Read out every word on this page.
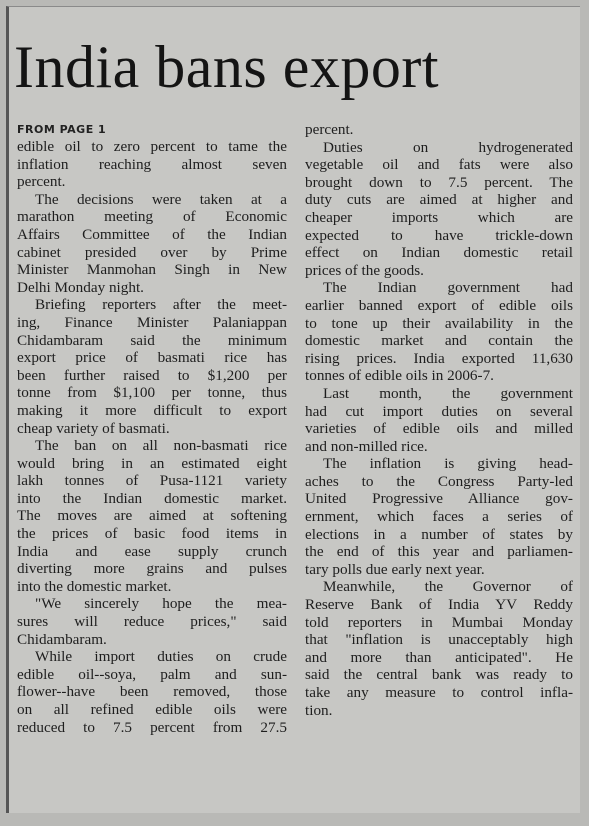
India bans export
FROM PAGE 1
edible oil to zero percent to tame the
inflation reaching almost seven
percent.
The decisions were taken at a
marathon meeting of Economic
Affairs Committee of the Indian
cabinet presided over by Prime
Minister Manmohan Singh in New
Delhi Monday night.
Briefing reporters after the meet-
ing, Finance Minister Palaniappan
Chidambaram said the minimum
export price of basmati rice has
been further raised to $1,200 per
tonne from $1,100 per tonne, thus
making it more difficult to export
cheap variety of basmati.
The ban on all non-basmati rice
would bring in an estimated eight
lakh tonnes of Pusa-1121 variety
into the Indian domestic market.
The moves are aimed at softening
the prices of basic food items in
India and ease supply crunch
diverting more grains and pulses
into the domestic market.
"We sincerely hope the mea-
sures will reduce prices," said
Chidambaram.
While import duties on crude
edible oil--soya, palm and sun-
flower--have been removed, those
on all refined edible oils were
reduced to 7.5 percent from 27.5
percent.
Duties on hydrogenerated
vegetable oil and fats were also
brought down to 7.5 percent. The
duty cuts are aimed at higher and
cheaper imports which are
expected to have trickle-down
effect on Indian domestic retail
prices of the goods.
The Indian government had
earlier banned export of edible oils
to tone up their availability in the
domestic market and contain the
rising prices. India exported 11,630
tonnes of edible oils in 2006-7.
Last month, the government
had cut import duties on several
varieties of edible oils and milled
and non-milled rice.
The inflation is giving head-
aches to the Congress Party-led
United Progressive Alliance gov-
ernment, which faces a series of
elections in a number of states by
the end of this year and parliamen-
tary polls due early next year.
Meanwhile, the Governor of
Reserve Bank of India YV Reddy
told reporters in Mumbai Monday
that "inflation is unacceptably high
and more than anticipated". He
said the central bank was ready to
take any measure to control infla-
tion.
